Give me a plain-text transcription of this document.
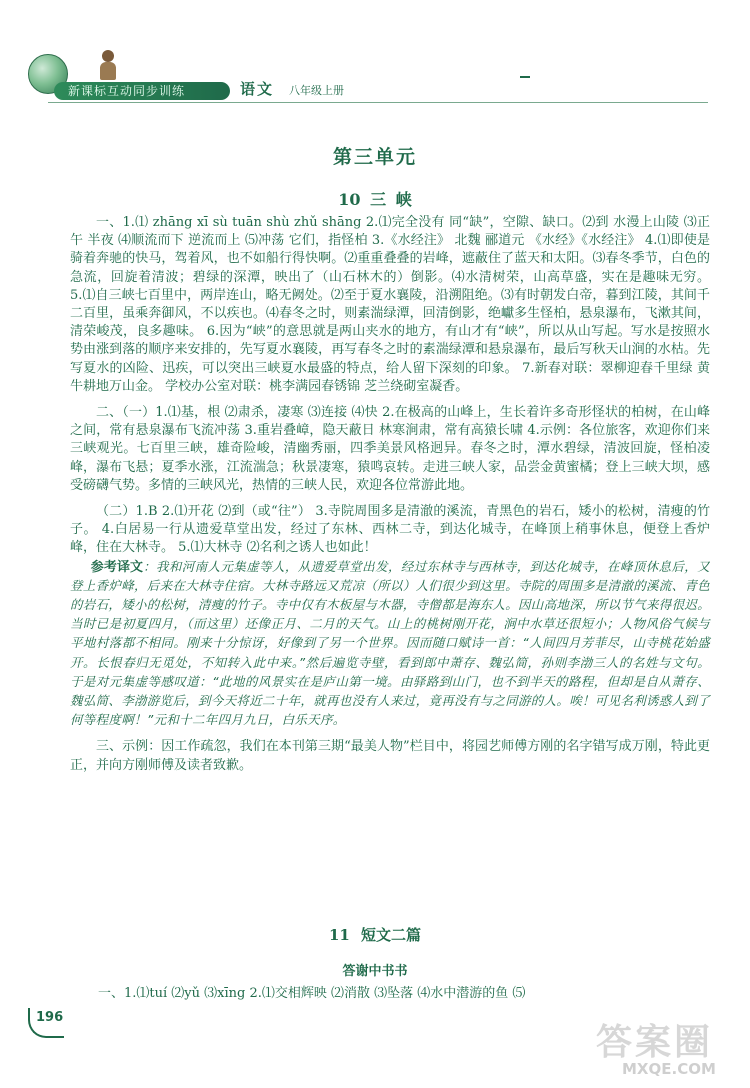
新课标互动同步训练	语文 八年级上册
第三单元
10 三 峡

一、1.⑴ zhāng xī sù tuān shù zhǔ shāng 2.⑴完全没有 同“缺”，空隙、缺口。⑵到 水漫上山陵 ⑶正午 半夜 ⑷顺流而下 逆流而上 ⑸冲荡 它们，指怪柏 3.《水经注》 北魏 郦道元 《水经》《水经注》 4.⑴即使是骑着奔驰的快马，驾着风，也不如船行得快啊。⑵重重叠叠的岩峰，遮蔽住了蓝天和太阳。⑶春冬季节，白色的急流，回旋着清波；碧绿的深潭，映出了（山石林木的）倒影。⑷水清树荣，山高草盛，实在是趣味无穷。 5.⑴自三峡七百里中，两岸连山，略无阙处。⑵至于夏水襄陵，沿溯阻绝。⑶有时朝发白帝，暮到江陵，其间千二百里，虽乘奔御风，不以疾也。⑷春冬之时，则素湍绿潭，回清倒影，绝巘多生怪柏，悬泉瀑布，飞漱其间，清荣峻茂，良多趣味。 6.因为“峡”的意思就是两山夹水的地方，有山才有“峡”，所以从山写起。写水是按照水势由涨到落的顺序来安排的，先写夏水襄陵，再写春冬之时的素湍绿潭和悬泉瀑布，最后写秋天山涧的水枯。先写夏水的凶险、迅疾，可以突出三峡夏水最盛的特点，给人留下深刻的印象。 7.新春对联：翠柳迎春千里绿 黄牛耕地万山金。 学校办公室对联：桃李满园春锈锦 芝兰绕砌室凝香。

二、（一）1.⑴基，根 ⑵肃杀，凄寒 ⑶连接 ⑷快 2.在极高的山峰上，生长着许多奇形怪状的柏树，在山峰之间，常有悬泉瀑布飞流冲荡 3.重岩叠嶂，隐天蔽日 林寒涧肃，常有高猿长啸 4.示例：各位旅客，欢迎你们来三峡观光。七百里三峡，雄奇险峻，清幽秀丽，四季美景风格迥异。春冬之时，潭水碧绿，清波回旋，怪柏凌峰，瀑布飞悬；夏季水涨，江流湍急；秋景凄寒，猿鸣哀转。走进三峡人家，品尝金黄蜜橘；登上三峡大坝，感受磅礴气势。多情的三峡风光，热情的三峡人民，欢迎各位常游此地。

（二）1.B 2.⑴开花 ⑵到（或“往”） 3.寺院周围多是清澈的溪流，青黑色的岩石，矮小的松树，清瘦的竹子。 4.白居易一行从遗爱草堂出发，经过了东林、西林二寺，到达化城寺，在峰顶上稍事休息，便登上香炉峰，住在大林寺。 5.⑴大林寺 ⑵名利之诱人也如此！

参考译文：我和河南人元集虚等人，从遗爱草堂出发，经过东林寺与西林寺，到达化城寺，在峰顶休息后，又登上香炉峰，后来在大林寺住宿。大林寺路远又荒凉（所以）人们很少到这里。寺院的周围多是清澈的溪流、青色的岩石，矮小的松树，清瘦的竹子。寺中仅有木板屋与木器，寺僧都是海东人。因山高地深，所以节气来得很迟。当时已是初夏四月，（而这里）还像正月、二月的天气。山上的桃树刚开花，涧中水草还很短小；人物风俗气候与平地村落都不相同。刚来十分惊讶，好像到了另一个世界。因而随口赋诗一首：“人间四月芳菲尽，山寺桃花始盛开。长恨春归无觅处，不知转入此中来。”然后遍览寺壁，看到郎中萧存、魏弘简，孙则李渤三人的名姓与文句。于是对元集虚等感叹道：“此地的风景实在是庐山第一境。由驿路到山门，也不到半天的路程，但却是自从萧存、魏弘简、李渤游览后，到今天将近二十年，就再也没有人来过，竟再没有与之同游的人。唉！可见名利诱惑人到了何等程度啊！”元和十二年四月九日，白乐天序。

三、示例：因工作疏忽，我们在本刊第三期“最美人物”栏目中，将园艺师傅方刚的名字错写成万刚，特此更正，并向方刚师傅及读者致歉。

11 短文二篇
答谢中书书
一、1.⑴tuí ⑵yǔ ⑶xīng 2.⑴交相辉映 ⑵消散 ⑶坠落 ⑷水中潜游的鱼 ⑸
196
答案圈
MXQE.COM
